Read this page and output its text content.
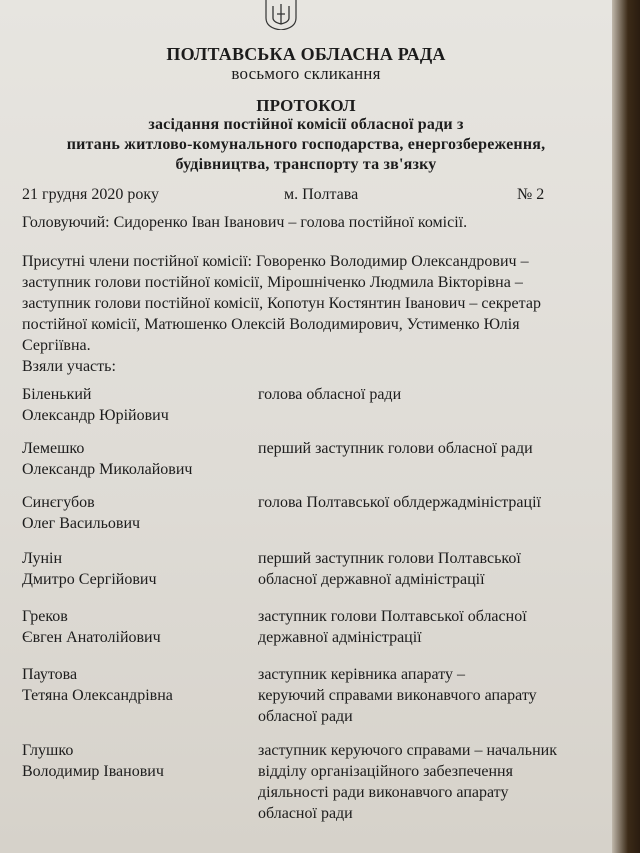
ПОЛТАВСЬКА ОБЛАСНА РАДА
восьмого скликання
ПРОТОКОЛ
засідання постійної комісії обласної ради з
питань житлово-комунального господарства, енергозбереження,
будівництва, транспорту та зв'язку
21 грудня 2020 року	м. Полтава	№ 2
Головуючий: Сидоренко Іван Іванович – голова постійної комісії.
Присутні члени постійної комісії: Говоренко Володимир Олександрович –
заступник голови постійної комісії, Мірошніченко Людмила Вікторівна –
заступник голови постійної комісії, Копотун Костянтин Іванович – секретар
постійної комісії, Матюшенко Олексій Володимирович, Устименко Юлія
Сергіївна.
Взяли участь:
Біленький
Олександр Юрійович
голова обласної ради
Лемешко
Олександр Миколайович
перший заступник голови обласної ради
Синєгубов
Олег Васильович
голова Полтавської облдержадміністрації
Лунін
Дмитро Сергійович
перший заступник голови Полтавської
обласної державної адміністрації
Греков
Євген Анатолійович
заступник голови Полтавської обласної
державної адміністрації
Паутова
Тетяна Олександрівна
заступник керівника апарату –
керуючий справами виконавчого апарату
обласної ради
Глушко
Володимир Іванович
заступник керуючого справами – начальник
відділу організаційного забезпечення
діяльності ради виконавчого апарату
обласної ради
